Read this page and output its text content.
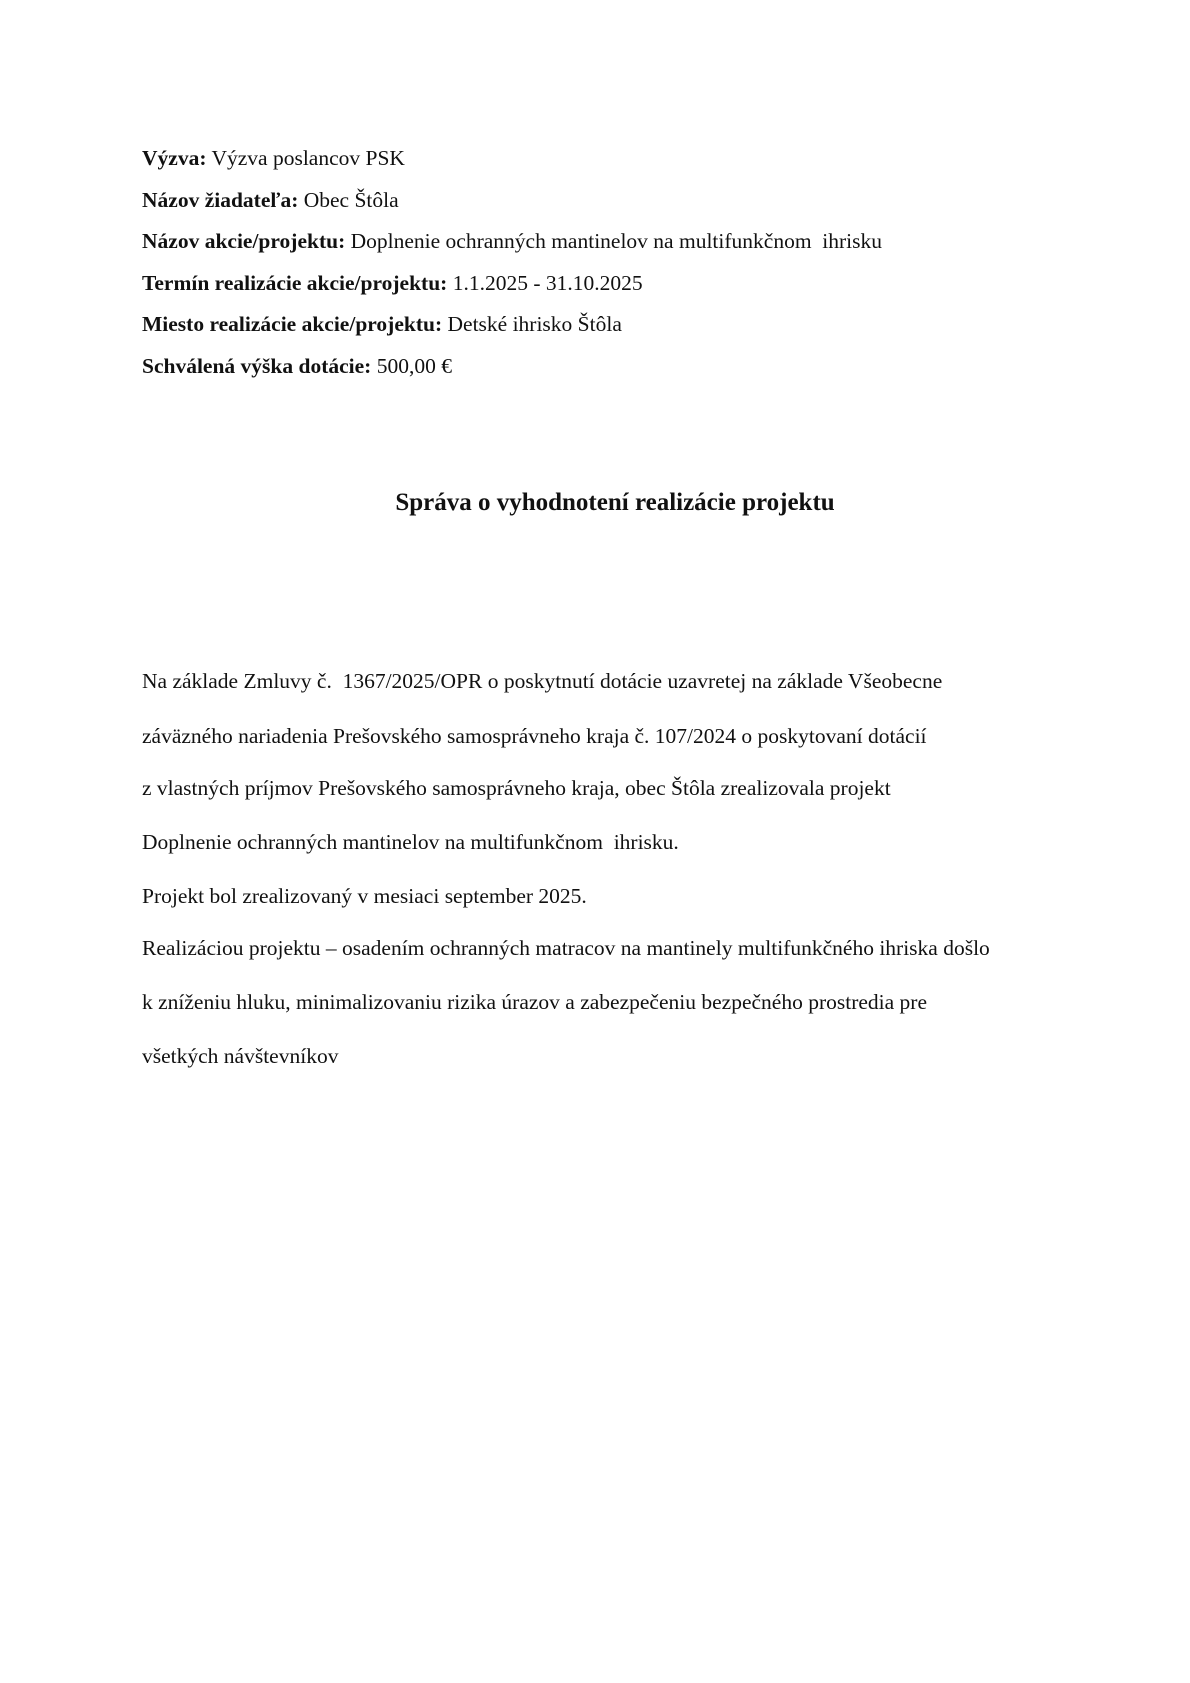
Výzva: Výzva poslancov PSK
Názov žiadateľa: Obec Štôla
Názov akcie/projektu: Doplnenie ochranných mantinelov na multifunkčnom  ihrisku
Termín realizácie akcie/projektu: 1.1.2025 - 31.10.2025
Miesto realizácie akcie/projektu: Detské ihrisko Štôla
Schválená výška dotácie: 500,00 €
Správa o vyhodnotení realizácie projektu
Na základe Zmluvy č.  1367/2025/OPR o poskytnutí dotácie uzavretej na základe Všeobecne
záväzného nariadenia Prešovského samosprávneho kraja č. 107/2024 o poskytovaní dotácií
z vlastných príjmov Prešovského samosprávneho kraja, obec Štôla zrealizovala projekt
Doplnenie ochranných mantinelov na multifunkčnom  ihrisku.
Projekt bol zrealizovaný v mesiaci september 2025.
Realizáciou projektu – osadením ochranných matracov na mantinely multifunkčného ihriska došlo
k zníženiu hluku, minimalizovaniu rizika úrazov a zabezpečeniu bezpečného prostredia pre
všetkých návštevníkov
